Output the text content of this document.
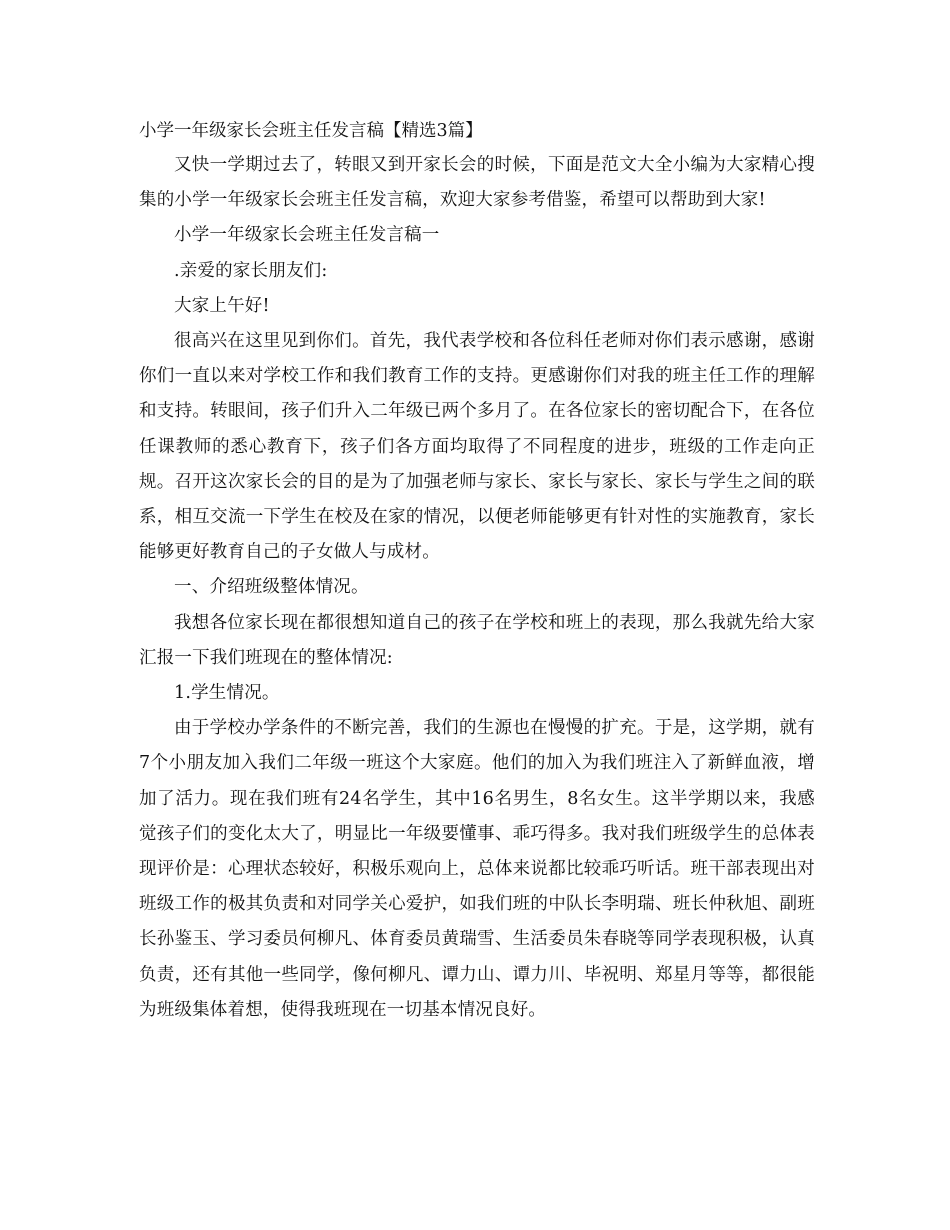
小学一年级家长会班主任发言稿【精选3篇】

又快一学期过去了，转眼又到开家长会的时候，下面是范文大全小编为大家精心搜集的小学一年级家长会班主任发言稿，欢迎大家参考借鉴，希望可以帮助到大家!

小学一年级家长会班主任发言稿一

.亲爱的家长朋友们:

大家上午好!

很高兴在这里见到你们。首先，我代表学校和各位科任老师对你们表示感谢，感谢你们一直以来对学校工作和我们教育工作的支持。更感谢你们对我的班主任工作的理解和支持。转眼间，孩子们升入二年级已两个多月了。在各位家长的密切配合下，在各位任课教师的悉心教育下，孩子们各方面均取得了不同程度的进步，班级的工作走向正规。召开这次家长会的目的是为了加强老师与家长、家长与家长、家长与学生之间的联系，相互交流一下学生在校及在家的情况，以便老师能够更有针对性的实施教育，家长能够更好教育自己的子女做人与成材。

一、介绍班级整体情况。

我想各位家长现在都很想知道自己的孩子在学校和班上的表现，那么我就先给大家汇报一下我们班现在的整体情况:

1.学生情况。

由于学校办学条件的不断完善，我们的生源也在慢慢的扩充。于是，这学期，就有7个小朋友加入我们二年级一班这个大家庭。他们的加入为我们班注入了新鲜血液，增加了活力。现在我们班有24名学生，其中16名男生，8名女生。这半学期以来，我感觉孩子们的变化太大了，明显比一年级要懂事、乖巧得多。我对我们班级学生的总体表现评价是：心理状态较好，积极乐观向上，总体来说都比较乖巧听话。班干部表现出对班级工作的极其负责和对同学关心爱护，如我们班的中队长李明瑞、班长仲秋旭、副班长孙鉴玉、学习委员何柳凡、体育委员黄瑞雪、生活委员朱春晓等同学表现积极，认真负责，还有其他一些同学，像何柳凡、谭力山、谭力川、毕祝明、郑星月等等，都很能为班级集体着想，使得我班现在一切基本情况良好。
